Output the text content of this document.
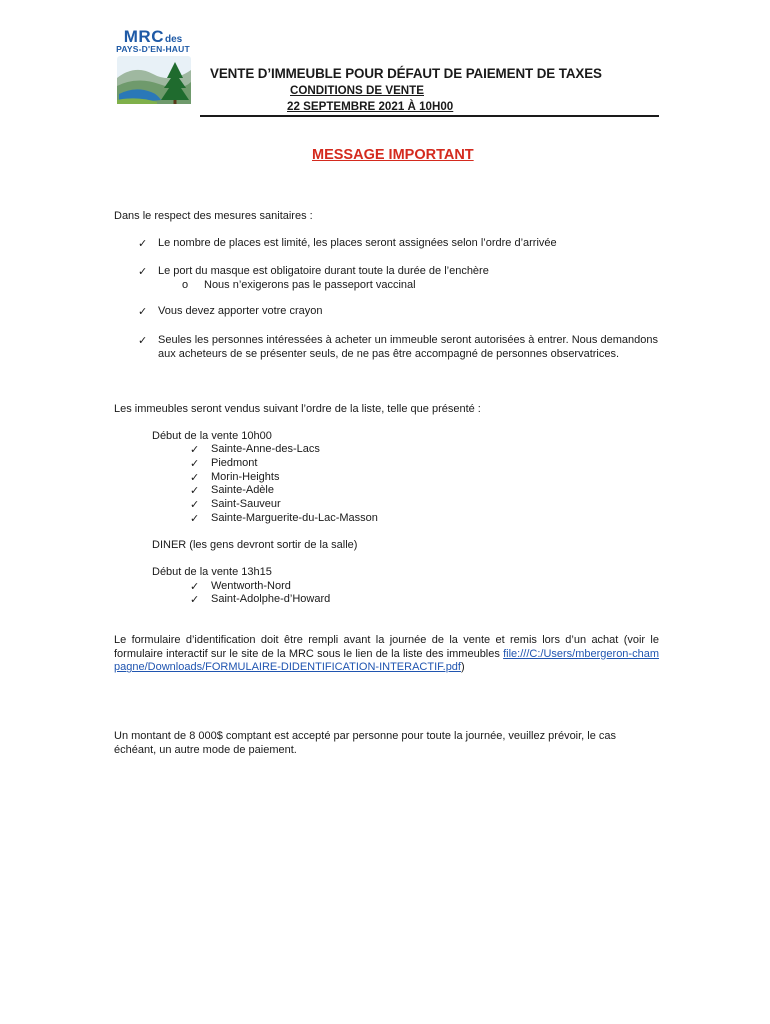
MRCdes
PAYS-D'EN-HAUT
VENTE D’IMMEUBLE POUR DÉFAUT DE PAIEMENT DE TAXES
CONDITIONS DE VENTE
22 SEPTEMBRE 2021 À 10H00
MESSAGE IMPORTANT
Dans le respect des mesures sanitaires :
✓ Le nombre de places est limité, les places seront assignées selon l’ordre d’arrivée
✓ Le port du masque est obligatoire durant toute la durée de l’enchère
o Nous n’exigerons pas le passeport vaccinal
✓ Vous devez apporter votre crayon
✓ Seules les personnes intéressées à acheter un immeuble seront autorisées à entrer. Nous demandons aux acheteurs de se présenter seuls, de ne pas être accompagné de personnes observatrices.
Les immeubles seront vendus suivant l’ordre de la liste, telle que présenté :
Début de la vente 10h00
✓ Sainte-Anne-des-Lacs
✓ Piedmont
✓ Morin-Heights
✓ Sainte-Adèle
✓ Saint-Sauveur
✓ Sainte-Marguerite-du-Lac-Masson
DINER (les gens devront sortir de la salle)
Début de la vente 13h15
✓ Wentworth-Nord
✓ Saint-Adolphe-d’Howard
Le formulaire d’identification doit être rempli avant la journée de la vente et remis lors d’un achat (voir le formulaire interactif sur le site de la MRC sous le lien de la liste des immeubles file:///C:/Users/mbergeron-champagne/Downloads/FORMULAIRE-DIDENTIFICATION-INTERACTIF.pdf)
Un montant de 8 000$ comptant est accepté par personne pour toute la journée, veuillez prévoir, le cas échéant, un autre mode de paiement.
